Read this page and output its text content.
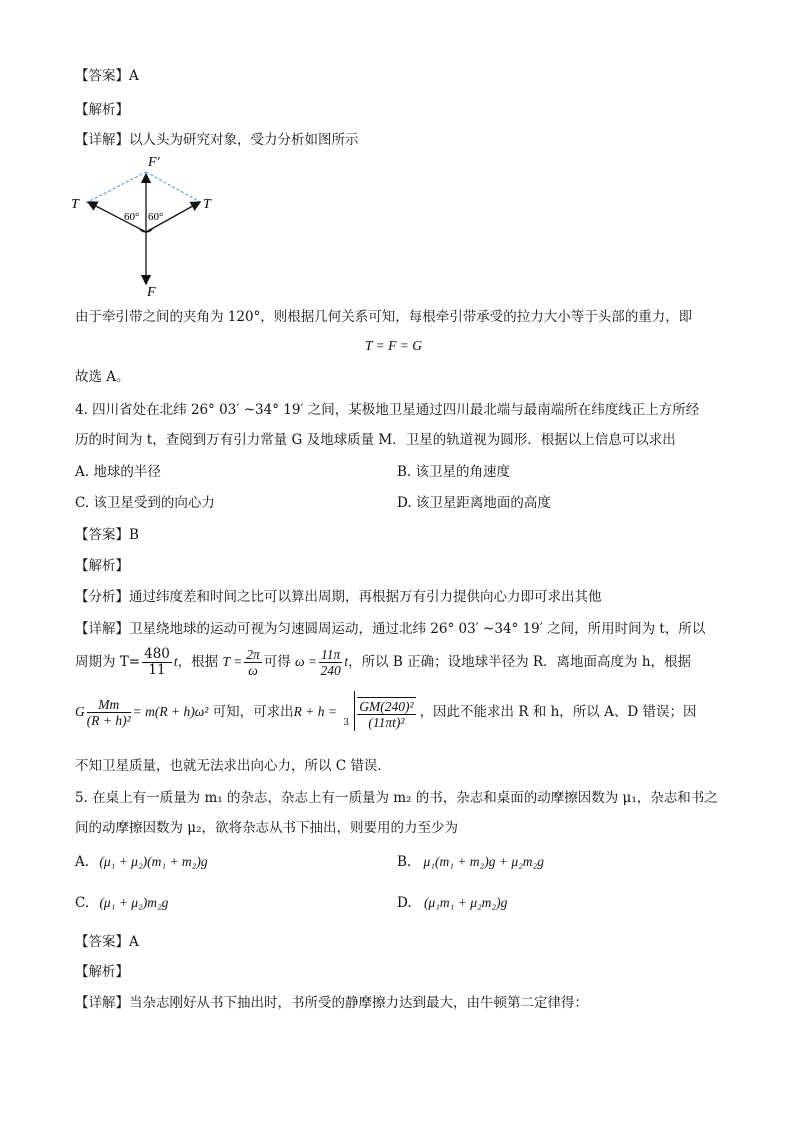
【答案】A
【解析】
【详解】以人头为研究对象，受力分析如图所示
F′
T	T
60° 60°
F
由于牵引带之间的夹角为 120°，则根据几何关系可知，每根牵引带承受的拉力大小等于头部的重力，即
T = F = G
故选 A。
4. 四川省处在北纬 26° 03′ ~34° 19′ 之间，某极地卫星通过四川最北端与最南端所在纬度线正上方所经
历的时间为 t，查阅到万有引力常量 G 及地球质量 M．卫星的轨道视为圆形．根据以上信息可以求出
A. 地球的半径	B. 该卫星的角速度
C. 该卫星受到的向心力	D. 该卫星距离地面的高度
【答案】B
【解析】
【分析】通过纬度差和时间之比可以算出周期，再根据万有引力提供向心力即可求出其他
【详解】卫星绕地球的运动可视为匀速圆周运动，通过北纬 26° 03′ ~34° 19′ 之间，所用时间为 t，所以
周期为 $T= \frac{480}{11}$ t，根据 $T = \frac{2\pi}{\omega}$ 可得 $\omega = \frac{11\pi}{240}$ t，所以 B 正确；设地球半径为 R．离地面高度为 h，根据
G $\frac{Mm}{\text{(R + h)²}} = m(R + h)\omega^2$ 可知，可求出R + h =
$3 \frac{\text{GM(240)²}}{\text{(11πt)²}}$ ，因此不能求出 R 和 h，所以 A、D 错误；因
不知卫星质量，也就无法求出向心力，所以 C 错误．
5. 在桌上有一质量为 m₁ 的杂志，杂志上有一质量为 m₂ 的书，杂志和桌面的动摩擦因数为 μ₁，杂志和书之
间的动摩擦因数为 μ₂，欲将杂志从书下抽出，则要用的力至少为
A. (μ₁ + μ₂)(m₁ + m₂)g	B. μ₁(m₁ + m₂)g + μ₂m₂g
C. (μ₁ + μ₂)m₂g	D. (μ₁m₁ + μ₂m₂)g
【答案】A
【解析】
【详解】当杂志刚好从书下抽出时，书所受的静摩擦力达到最大，由牛顿第二定律得：
